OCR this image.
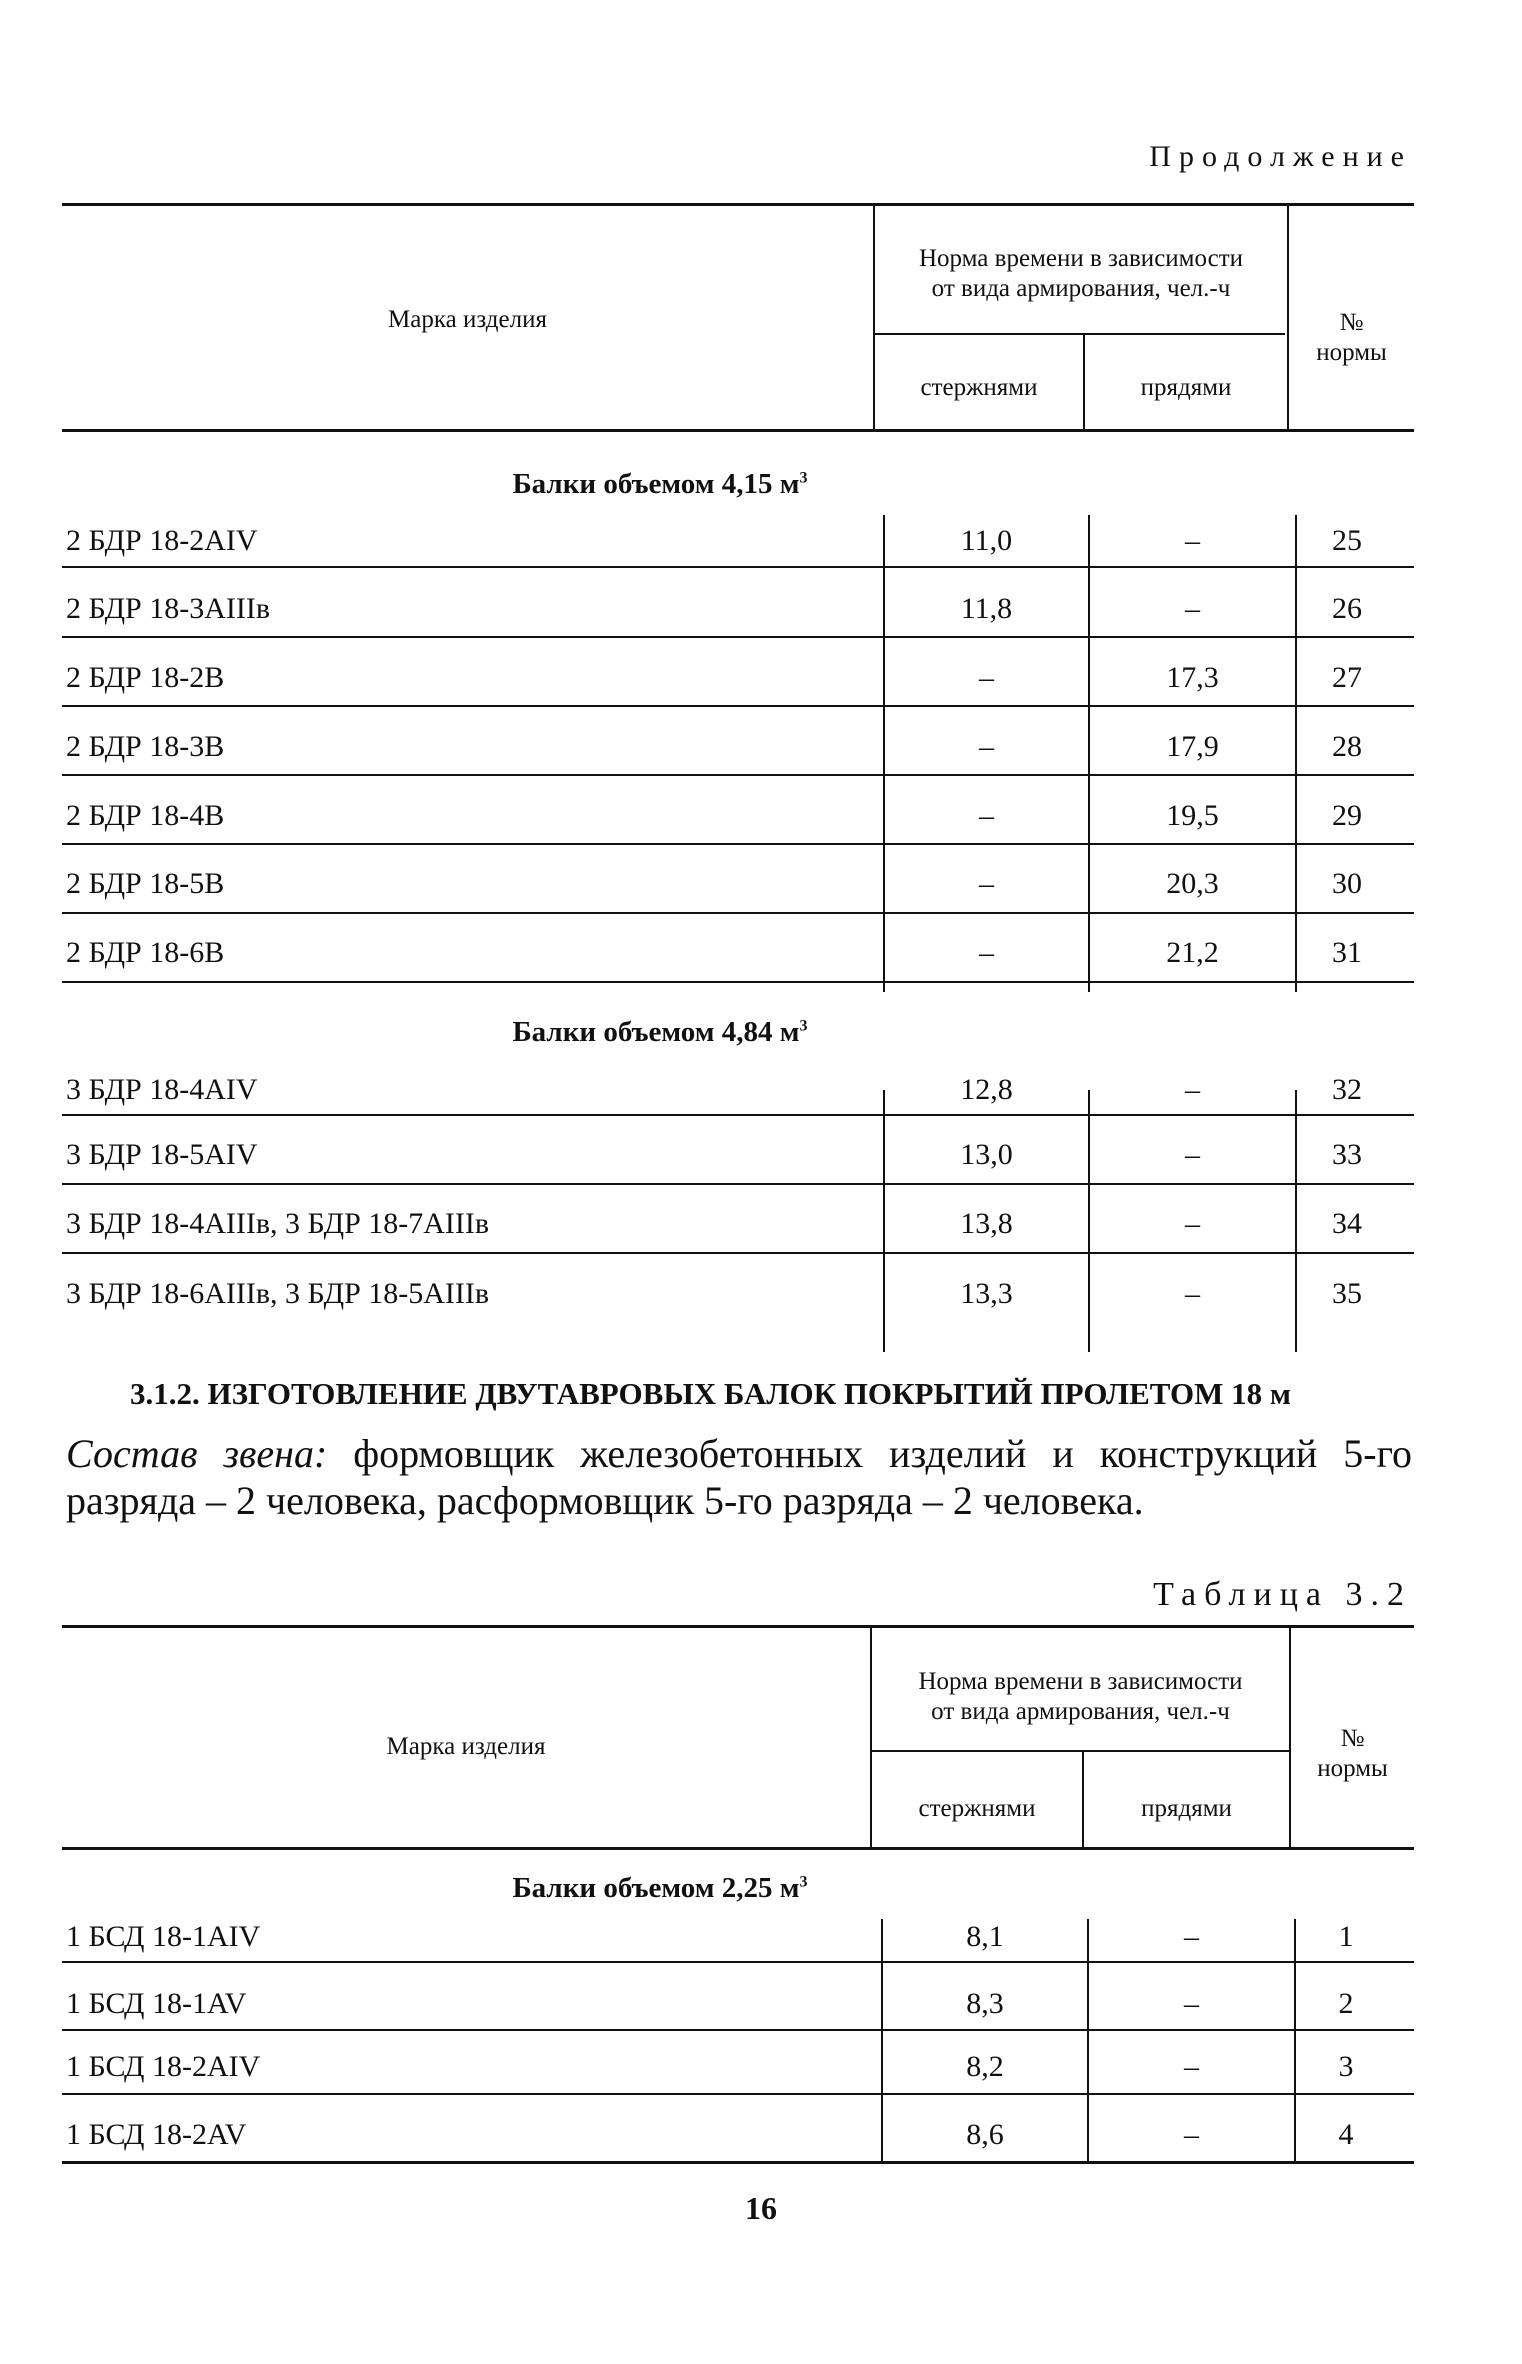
Продолжение
Марка изделия
Норма времени в зависимости
от вида армирования, чел.-ч
стержнями	прядями
№
нормы
Балки объемом 4,15 $м^3$
2 БДР 18-2AIV	11,0	–	25
2 БДР 18-3AIIIв	11,8	–	26
2 БДР 18-2В	–	17,3	27
2 БДР 18-3В	–	17,9	28
2 БДР 18-4В	–	19,5	29
2 БДР 18-5В	–	20,3	30
2 БДР 18-6В	–	21,2	31
Балки объемом 4,84 $м^3$
3 БДР 18-4AIV	12,8	–	32
3 БДР 18-5AIV	13,0	–	33
3 БДР 18-4AIIIв, 3 БДР 18-7AIIIв	13,8	–	34
3 БДР 18-6AIIIв, 3 БДР 18-5AIIIв	13,3	–	35
3.1.2. ИЗГОТОВЛЕНИЕ ДВУТАВРОВЫХ БАЛОК ПОКРЫТИЙ ПРОЛЕТОМ 18 м
Состав звена: формовщик железобетонных изделий и конструкций 5-го разряда – 2 человека, расформовщик 5-го разряда – 2 человека.
Таблица 3.2
Марка изделия
Норма времени в зависимости
от вида армирования, чел.-ч
стержнями	прядями
№
нормы
Балки объемом 2,25 $м^3$
1 БСД 18-1AIV	8,1	–	1
1 БСД 18-1AV	8,3	–	2
1 БСД 18-2AIV	8,2	–	3
1 БСД 18-2AV	8,6	–	4
16
